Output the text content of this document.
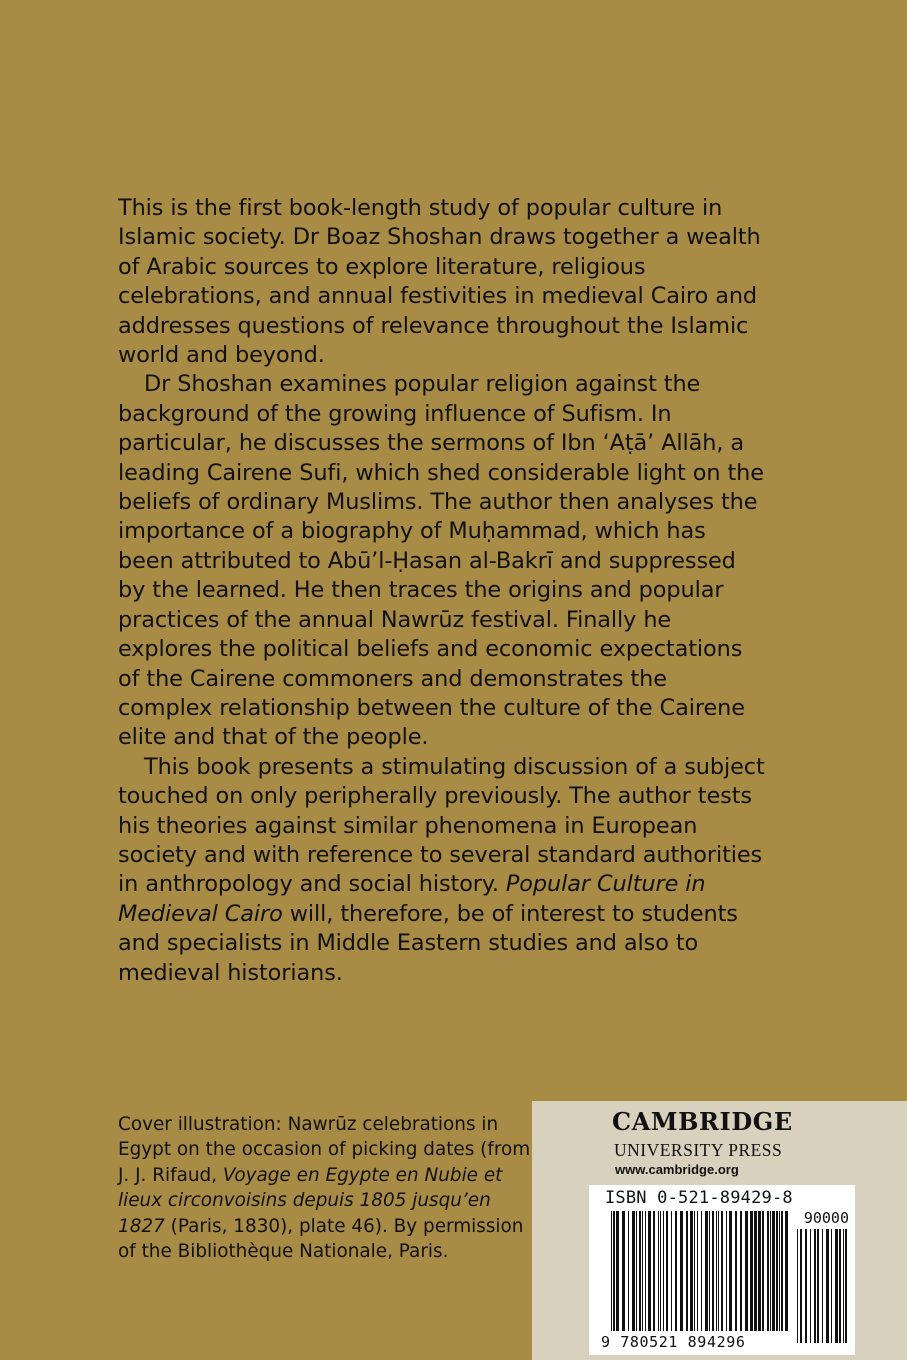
This is the first book-length study of popular culture in Islamic society. Dr Boaz Shoshan draws together a wealth of Arabic sources to explore literature, religious celebrations, and annual festivities in medieval Cairo and addresses questions of relevance throughout the Islamic world and beyond.

Dr Shoshan examines popular religion against the background of the growing influence of Sufism. In particular, he discusses the sermons of Ibn ‘Aṭā’ Allāh, a leading Cairene Sufi, which shed considerable light on the beliefs of ordinary Muslims. The author then analyses the importance of a biography of Muḥammad, which has been attributed to Abū’l-Ḥasan al-Bakrī and suppressed by the learned. He then traces the origins and popular practices of the annual Nawrūz festival. Finally he explores the political beliefs and economic expectations of the Cairene commoners and demonstrates the complex relationship between the culture of the Cairene elite and that of the people.

This book presents a stimulating discussion of a subject touched on only peripherally previously. The author tests his theories against similar phenomena in European society and with reference to several standard authorities in anthropology and social history. Popular Culture in Medieval Cairo will, therefore, be of interest to students and specialists in Middle Eastern studies and also to medieval historians.

Cover illustration: Nawrūz celebrations in Egypt on the occasion of picking dates (from J. J. Rifaud, Voyage en Egypte en Nubie et lieux circonvoisins depuis 1805 jusqu’en 1827 (Paris, 1830), plate 46). By permission of the Bibliothèque Nationale, Paris.

CAMBRIDGE
UNIVERSITY PRESS
www.cambridge.org
ISBN 0-521-89429-8
90000
9 780521 894296
